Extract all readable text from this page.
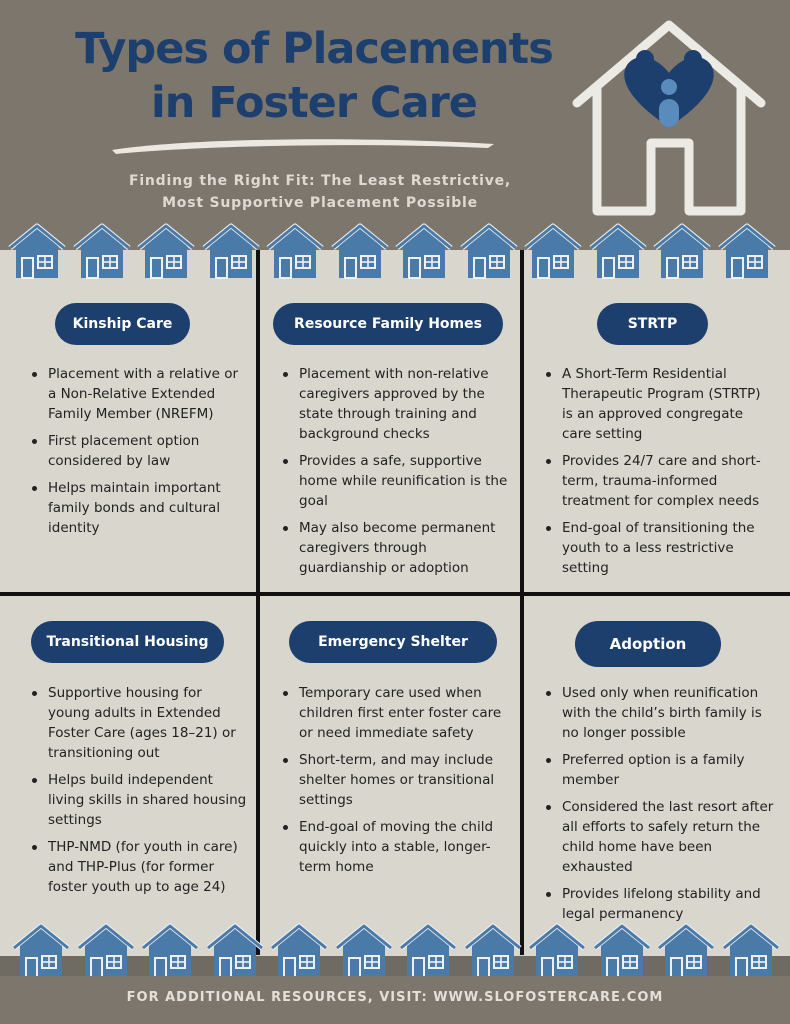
Types of Placements
in Foster Care
Finding the Right Fit: The Least Restrictive,
Most Supportive Placement Possible
Kinship Care
Placement with a relative or a Non-Relative Extended Family Member (NREFM)
First placement option considered by law
Helps maintain important family bonds and cultural identity
Resource Family Homes
Placement with non-relative caregivers approved by the state through training and background checks
Provides a safe, supportive home while reunification is the goal
May also become permanent caregivers through guardianship or adoption
STRTP
A Short-Term Residential Therapeutic Program (STRTP) is an approved congregate care setting
Provides 24/7 care and short-term, trauma-informed treatment for complex needs
End-goal of transitioning the youth to a less restrictive setting
Transitional Housing
Supportive housing for young adults in Extended Foster Care (ages 18–21) or transitioning out
Helps build independent living skills in shared housing settings
THP-NMD (for youth in care) and THP-Plus (for former foster youth up to age 24)
Emergency Shelter
Temporary care used when children first enter foster care or need immediate safety
Short-term, and may include shelter homes or transitional settings
End-goal of moving the child quickly into a stable, longer-term home
Adoption
Used only when reunification with the child’s birth family is no longer possible
Preferred option is a family member
Considered the last resort after all efforts to safely return the child home have been exhausted
Provides lifelong stability and legal permanency
FOR ADDITIONAL RESOURCES, VISIT: WWW.SLOFOSTERCARE.COM
